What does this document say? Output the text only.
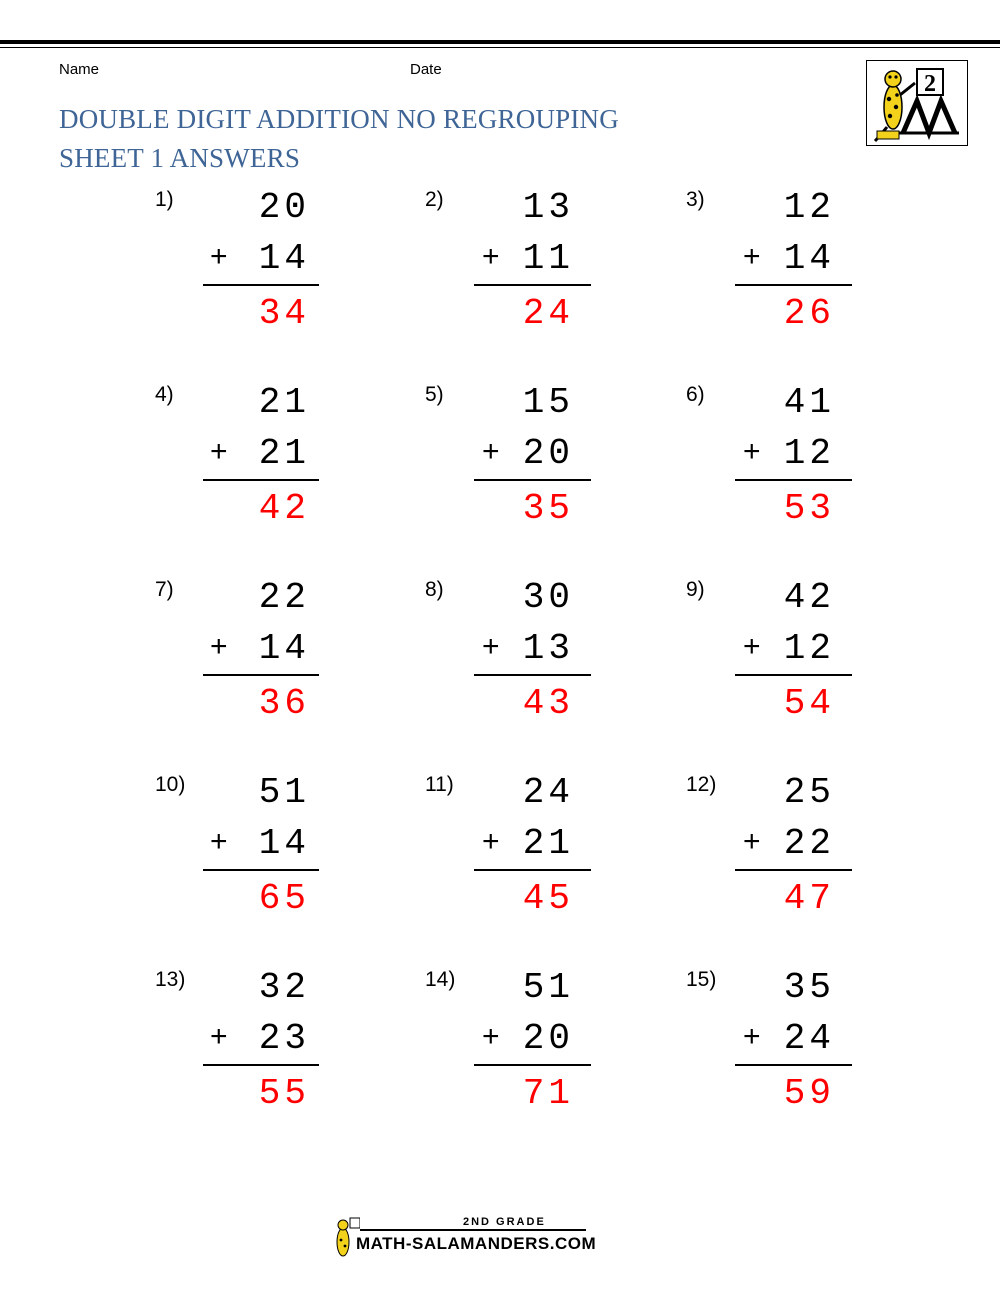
Name	Date
DOUBLE DIGIT ADDITION NO REGROUPING
SHEET 1 ANSWERS
2
1) 20
+ 14
34
2) 13
+ 11
24
3) 12
+ 14
26
4) 21
+ 21
42
5) 15
+ 20
35
6) 41
+ 12
53
7) 22
+ 14
36
8) 30
+ 13
43
9) 42
+ 12
54
10) 51
+ 14
65
11) 24
+ 21
45
12) 25
+ 22
47
13) 32
+ 23
55
14) 51
+ 20
71
15) 35
+ 24
59
2ND GRADE
MATH-SALAMANDERS.COM
